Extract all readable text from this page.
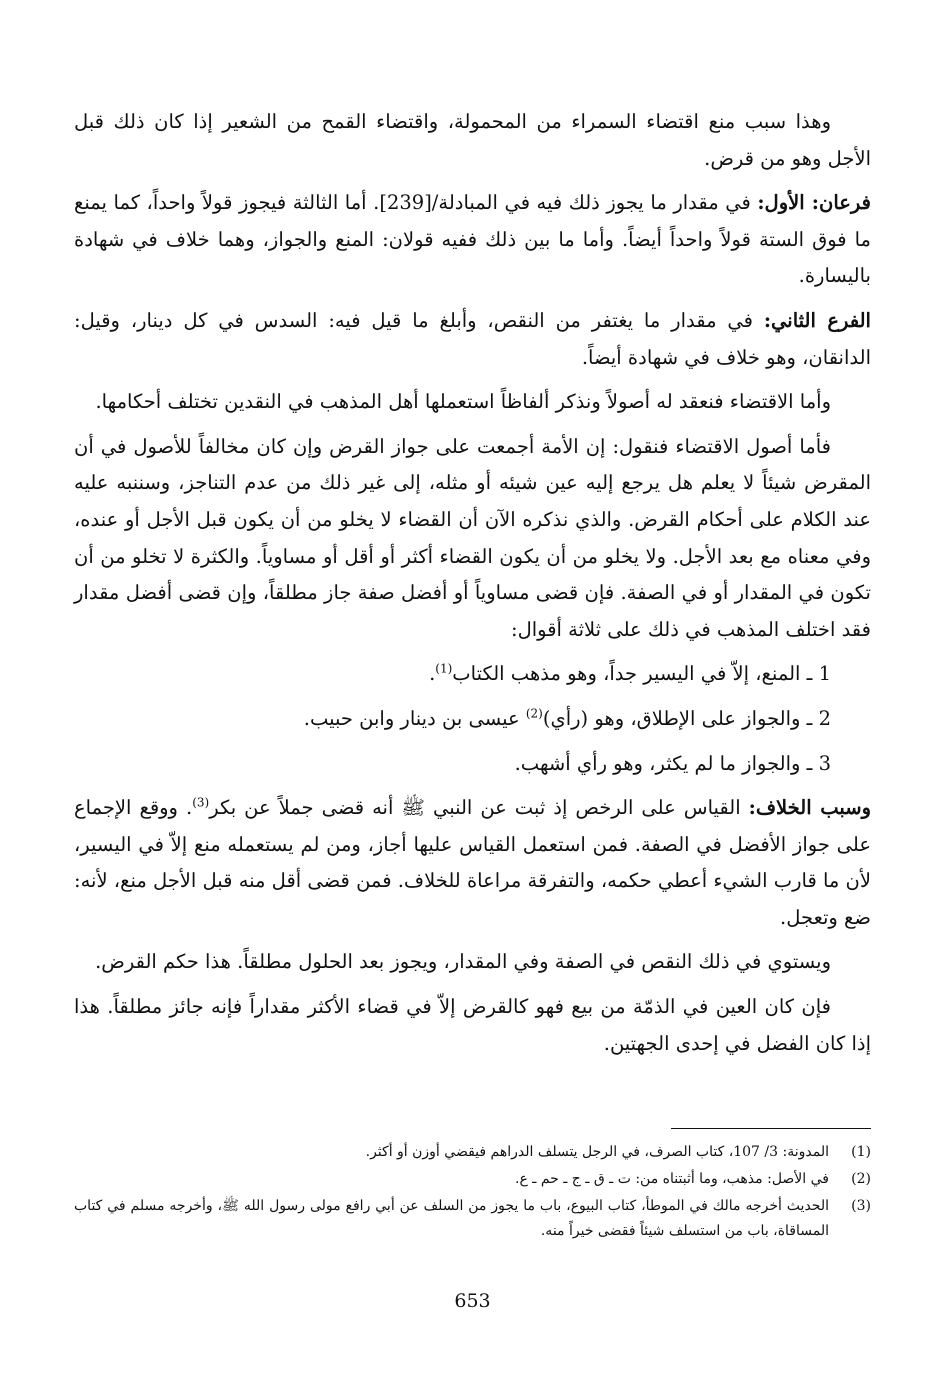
وهذا سبب منع اقتضاء السمراء من المحمولة، واقتضاء القمح من الشعير إذا كان ذلك قبل الأجل وهو من قرض.

فرعان: الأول: في مقدار ما يجوز ذلك فيه في المبادلة/[239]. أما الثالثة فيجوز قولاً واحداً، كما يمنع ما فوق الستة قولاً واحداً أيضاً. وأما ما بين ذلك ففيه قولان: المنع والجواز، وهما خلاف في شهادة باليسارة.

الفرع الثاني: في مقدار ما يغتفر من النقص، وأبلغ ما قيل فيه: السدس في كل دينار، وقيل: الدانقان، وهو خلاف في شهادة أيضاً.

وأما الاقتضاء فنعقد له أصولاً ونذكر ألفاظاً استعملها أهل المذهب في النقدين تختلف أحكامها.

فأما أصول الاقتضاء فنقول: إن الأمة أجمعت على جواز القرض وإن كان مخالفاً للأصول في أن المقرض شيئاً لا يعلم هل يرجع إليه عين شيئه أو مثله، إلى غير ذلك من عدم التناجز، وسننبه عليه عند الكلام على أحكام القرض. والذي نذكره الآن أن القضاء لا يخلو من أن يكون قبل الأجل أو عنده، وفي معناه مع بعد الأجل. ولا يخلو من أن يكون القضاء أكثر أو أقل أو مساوياً. والكثرة لا تخلو من أن تكون في المقدار أو في الصفة. فإن قضى مساوياً أو أفضل صفة جاز مطلقاً، وإن قضى أفضل مقدار فقد اختلف المذهب في ذلك على ثلاثة أقوال:

1 ـ المنع، إلاّ في اليسير جداً، وهو مذهب الكتاب$^{(1)}$.
2 ـ والجواز على الإطلاق، وهو (رأي)$^{(2)}$ عيسى بن دينار وابن حبيب.
3 ـ والجواز ما لم يكثر، وهو رأي أشهب.

وسبب الخلاف: القياس على الرخص إذ ثبت عن النبي ﷺ أنه قضى جملاً عن بكر$^{(3)}$. ووقع الإجماع على جواز الأفضل في الصفة. فمن استعمل القياس عليها أجاز، ومن لم يستعمله منع إلاّ في اليسير، لأن ما قارب الشيء أعطي حكمه، والتفرقة مراعاة للخلاف. فمن قضى أقل منه قبل الأجل منع، لأنه: ضع وتعجل.

ويستوي في ذلك النقص في الصفة وفي المقدار، ويجوز بعد الحلول مطلقاً. هذا حكم القرض.

فإن كان العين في الذمّة من بيع فهو كالقرض إلاّ في قضاء الأكثر مقداراً فإنه جائز مطلقاً. هذا إذا كان الفضل في إحدى الجهتين.

(1)
المدونة: 3/ 107، كتاب الصرف، في الرجل يتسلف الدراهم فيقضي أوزن أو أكثر.
(2)
في الأصل: مذهب، وما أثبتناه من: ت ـ ق ـ ج ـ حم ـ ع.
(3)
الحديث أخرجه مالك في الموطأ، كتاب البيوع، باب ما يجوز من السلف عن أبي رافع مولى رسول الله ﷺ، وأخرجه مسلم في كتاب المساقاة، باب من استسلف شيئاً فقضى خيراً منه.
653
